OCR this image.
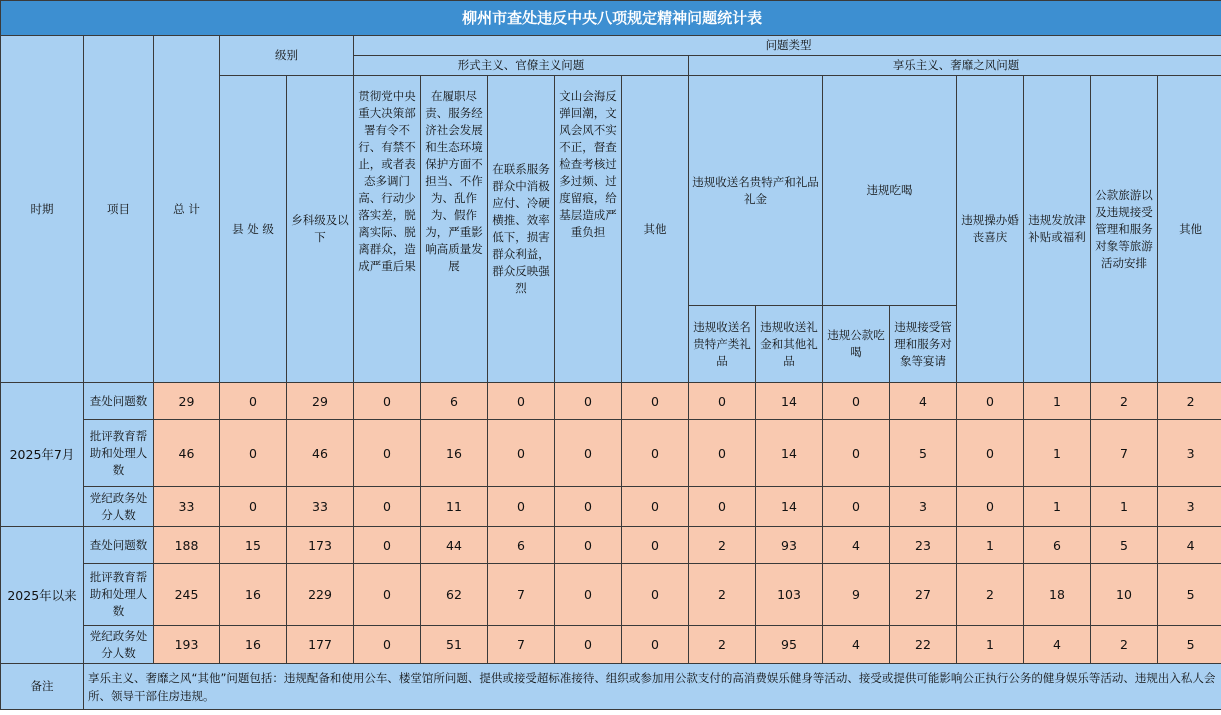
柳州市查处违反中央八项规定精神问题统计表																	
时期	项目	总 计	级别		问题类型												
					形式主义、官僚主义问题					享乐主义、奢靡之风问题							
			县 处 级	乡科级及以下	贯彻党中央重大决策部署有令不行、有禁不止，或者表态多调门高、行动少落实差，脱离实际、脱离群众，造成严重后果	在履职尽责、服务经济社会发展和生态环境保护方面不担当、不作为、乱作为、假作为，严重影响高质量发展	在联系服务群众中消极应付、冷硬横推、效率低下，损害群众利益，群众反映强烈	文山会海反弹回潮，文风会风不实不正，督查检查考核过多过频、过度留痕，给基层造成严重负担	其他	违规收送名贵特产和礼品礼金		违规吃喝		违规操办婚丧喜庆	违规发放津补贴或福利	公款旅游以及违规接受管理和服务对象等旅游活动安排	其他
										违规收送名贵特产类礼品	违规收送礼金和其他礼品	违规公款吃喝	违规接受管理和服务对象等宴请				
2025年7月	查处问题数	29	0	29	0	6	0	0	0	0	14	0	4	0	1	2	2
	批评教育帮助和处理人数	46	0	46	0	16	0	0	0	0	14	0	5	0	1	7	3
	党纪政务处分人数	33	0	33	0	11	0	0	0	0	14	0	3	0	1	1	3
2025年以来	查处问题数	188	15	173	0	44	6	0	0	2	93	4	23	1	6	5	4
	批评教育帮助和处理人数	245	16	229	0	62	7	0	0	2	103	9	27	2	18	10	5
	党纪政务处分人数	193	16	177	0	51	7	0	0	2	95	4	22	1	4	2	5
备注	享乐主义、奢靡之风“其他”问题包括：违规配备和使用公车、楼堂馆所问题、提供或接受超标准接待、组织或参加用公款支付的高消费娱乐健身等活动、接受或提供可能影响公正执行公务的健身娱乐等活动、违规出入私人会所、领导干部住房违规。																
